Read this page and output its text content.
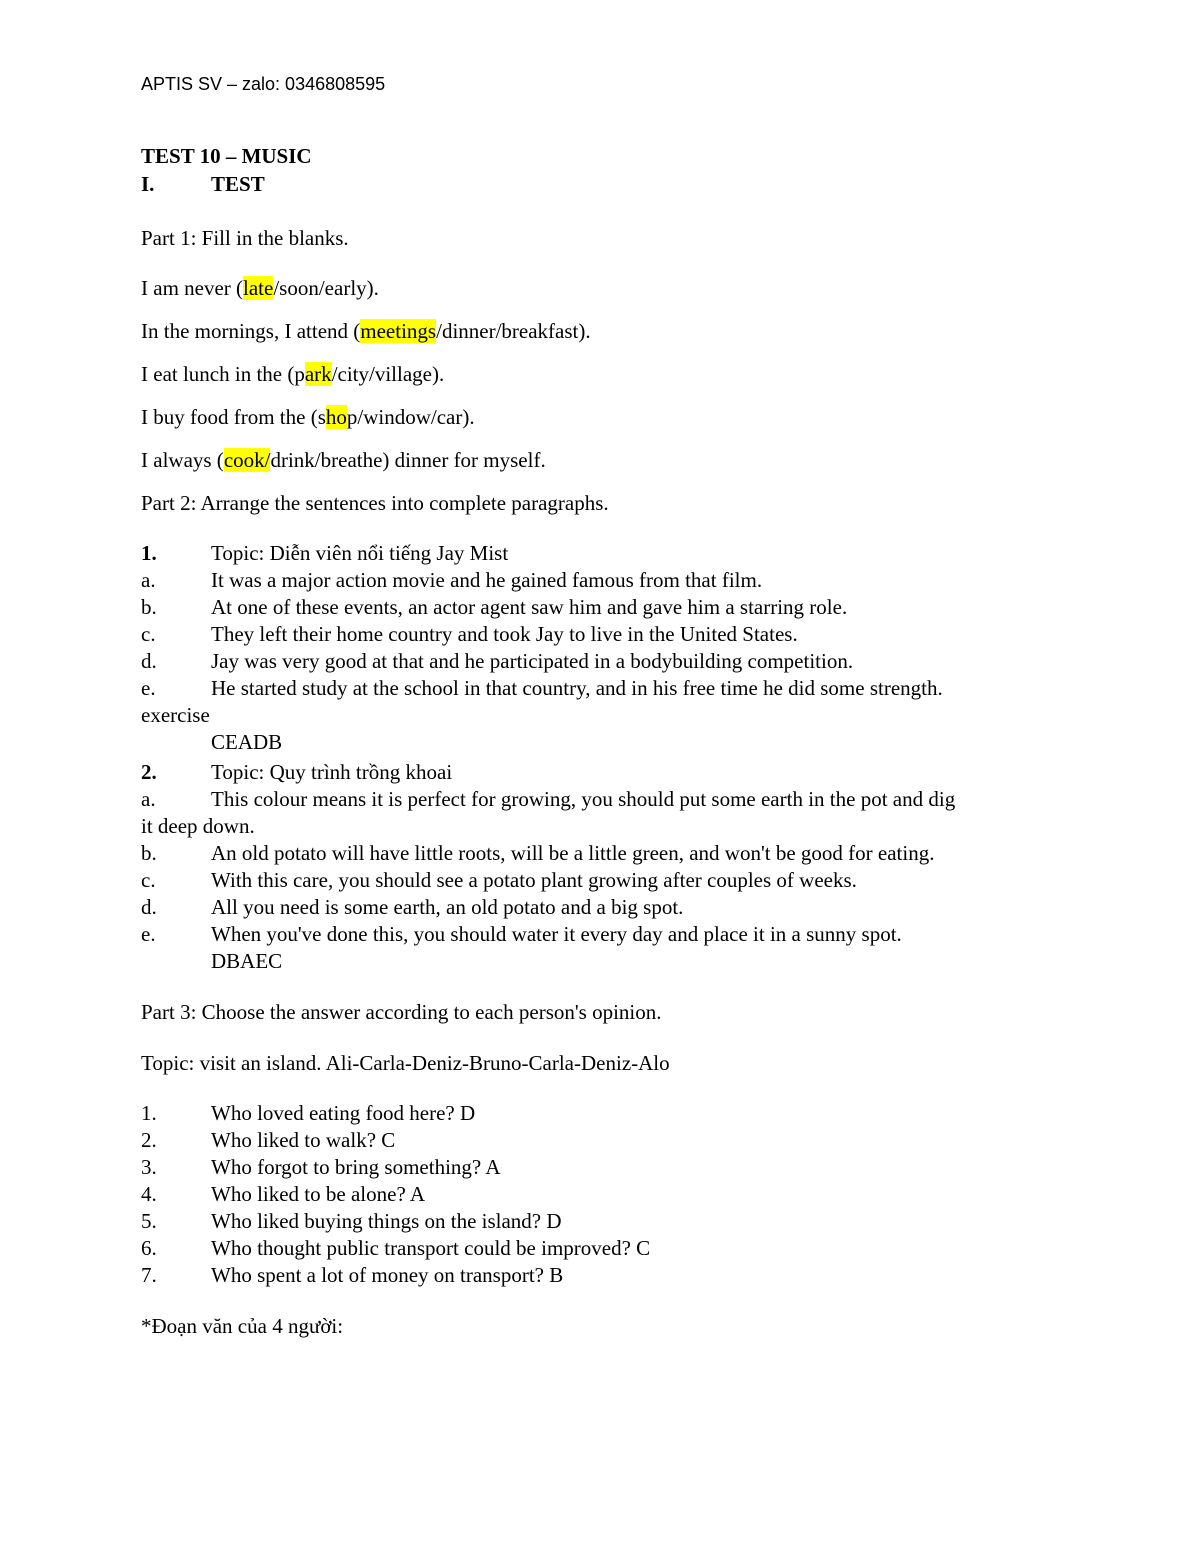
APTIS SV – zalo: 0346808595
TEST 10 – MUSIC
I.	TEST
Part 1: Fill in the blanks.
I am never (late/soon/early).
In the mornings, I attend (meetings/dinner/breakfast).
I eat lunch in the (park/city/village).
I buy food from the (shop/window/car).
I always (cook/drink/breathe) dinner for myself.
Part 2: Arrange the sentences into complete paragraphs.
1.	Topic: Diễn viên nổi tiếng Jay Mist
a.	It was a major action movie and he gained famous from that film.
b.	At one of these events, an actor agent saw him and gave him a starring role.
c.	They left their home country and took Jay to live in the United States.
d.	Jay was very good at that and he participated in a bodybuilding competition.
e.	He started study at the school in that country, and in his free time he did some strength.
exercise
CEADB
2.	Topic: Quy trình trồng khoai
a.	This colour means it is perfect for growing, you should put some earth in the pot and dig
it deep down.
b.	An old potato will have little roots, will be a little green, and won't be good for eating.
c.	With this care, you should see a potato plant growing after couples of weeks.
d.	All you need is some earth, an old potato and a big spot.
e.	When you've done this, you should water it every day and place it in a sunny spot.
DBAEC
Part 3: Choose the answer according to each person's opinion.
Topic: visit an island. Ali-Carla-Deniz-Bruno-Carla-Deniz-Alo
1.	Who loved eating food here? D
2.	Who liked to walk? C
3.	Who forgot to bring something? A
4.	Who liked to be alone? A
5.	Who liked buying things on the island? D
6.	Who thought public transport could be improved? C
7.	Who spent a lot of money on transport? B
*Đoạn văn của 4 người:
